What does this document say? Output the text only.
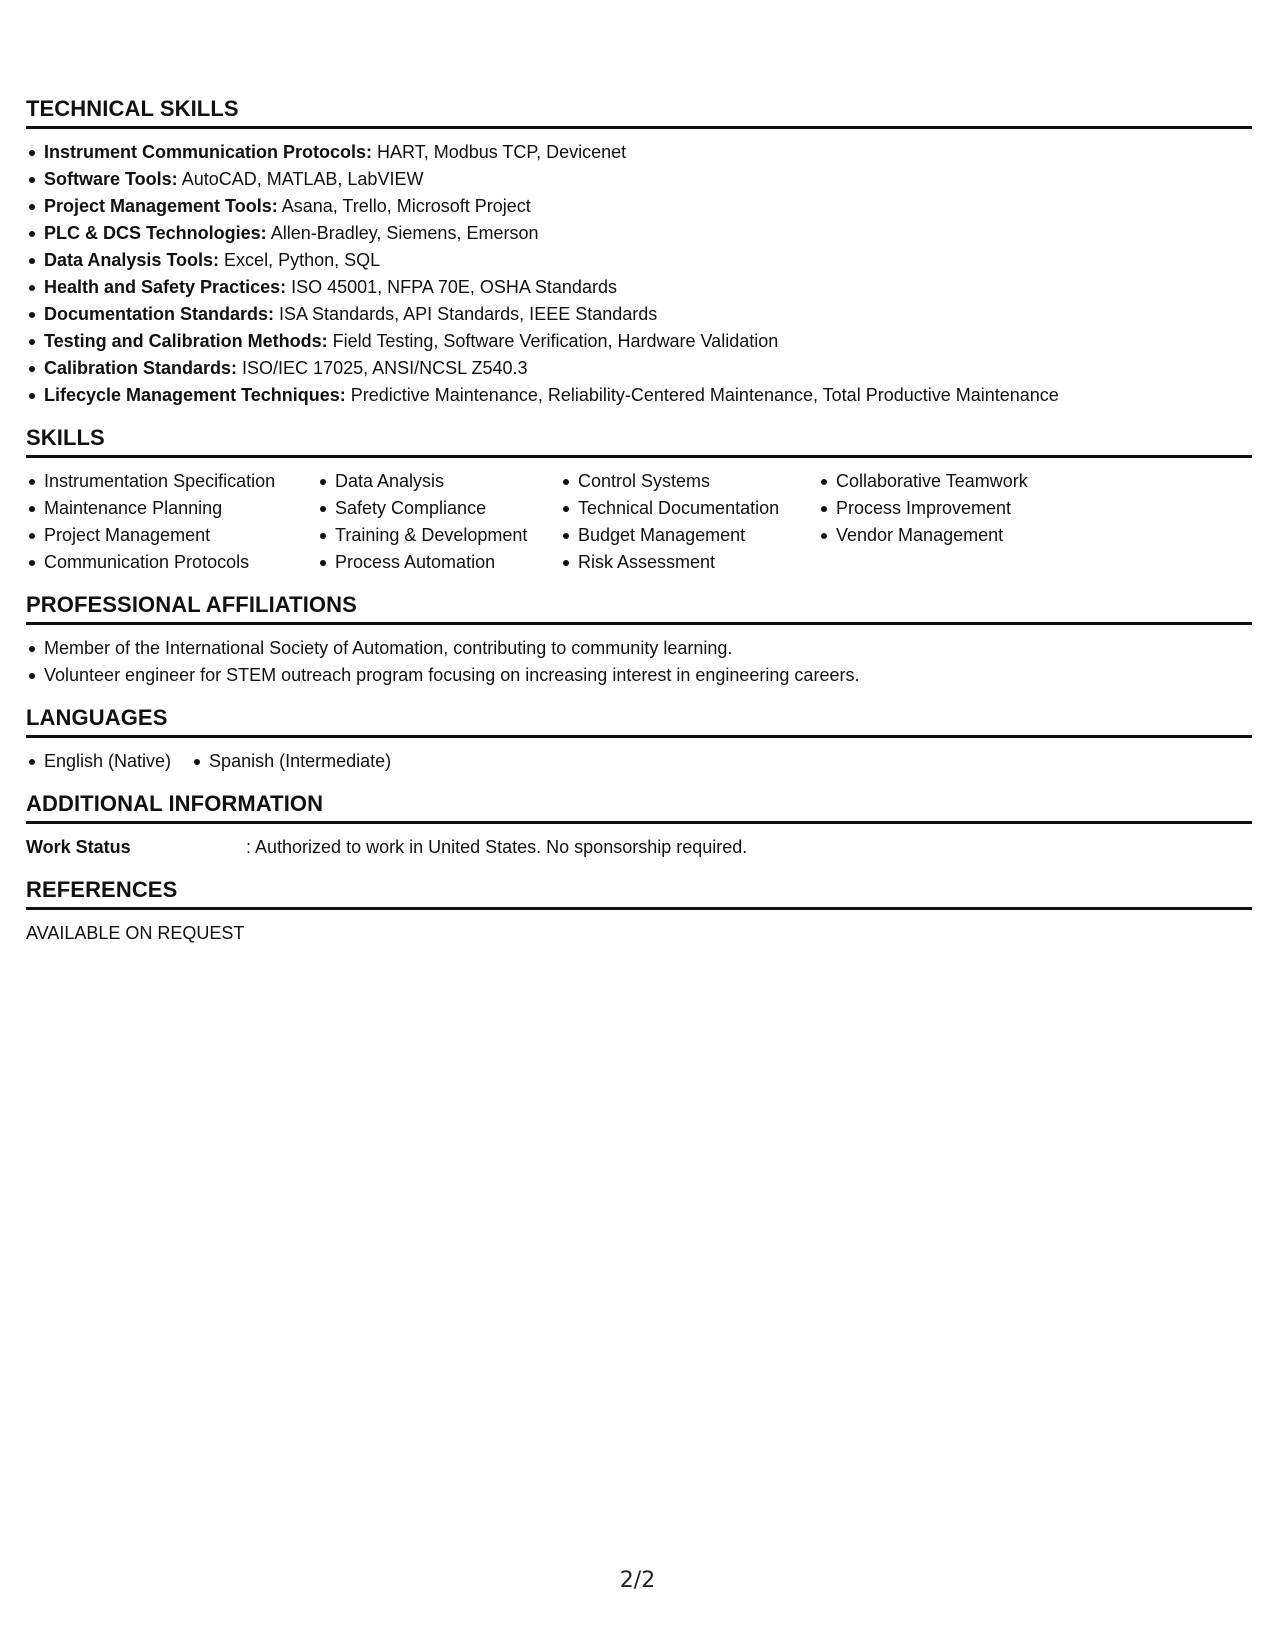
TECHNICAL SKILLS
Instrument Communication Protocols: HART, Modbus TCP, Devicenet
Software Tools: AutoCAD, MATLAB, LabVIEW
Project Management Tools: Asana, Trello, Microsoft Project
PLC & DCS Technologies: Allen-Bradley, Siemens, Emerson
Data Analysis Tools: Excel, Python, SQL
Health and Safety Practices: ISO 45001, NFPA 70E, OSHA Standards
Documentation Standards: ISA Standards, API Standards, IEEE Standards
Testing and Calibration Methods: Field Testing, Software Verification, Hardware Validation
Calibration Standards: ISO/IEC 17025, ANSI/NCSL Z540.3
Lifecycle Management Techniques: Predictive Maintenance, Reliability-Centered Maintenance, Total Productive Maintenance
SKILLS
Instrumentation Specification
Maintenance Planning
Project Management
Communication Protocols
Data Analysis
Safety Compliance
Training & Development
Process Automation
Control Systems
Technical Documentation
Budget Management
Risk Assessment
Collaborative Teamwork
Process Improvement
Vendor Management
PROFESSIONAL AFFILIATIONS
Member of the International Society of Automation, contributing to community learning.
Volunteer engineer for STEM outreach program focusing on increasing interest in engineering careers.
LANGUAGES
English (Native)	Spanish (Intermediate)
ADDITIONAL INFORMATION
Work Status	: Authorized to work in United States. No sponsorship required.
REFERENCES
AVAILABLE ON REQUEST
2/2
